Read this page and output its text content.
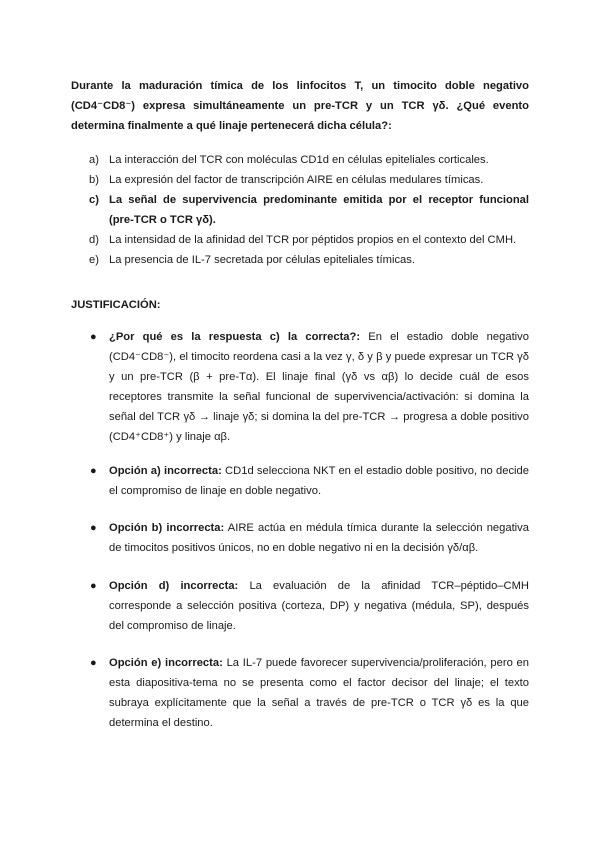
Durante la maduración tímica de los linfocitos T, un timocito doble negativo (CD4⁻CD8⁻) expresa simultáneamente un pre-TCR y un TCR γδ. ¿Qué evento determina finalmente a qué linaje pertenecerá dicha célula?:

a) La interacción del TCR con moléculas CD1d en células epiteliales corticales.
b) La expresión del factor de transcripción AIRE en células medulares tímicas.
c) La señal de supervivencia predominante emitida por el receptor funcional (pre-TCR o TCR γδ).
d) La intensidad de la afinidad del TCR por péptidos propios en el contexto del CMH.
e) La presencia de IL-7 secretada por células epiteliales tímicas.

JUSTIFICACIÓN:

● ¿Por qué es la respuesta c) la correcta?: En el estadio doble negativo (CD4⁻CD8⁻), el timocito reordena casi a la vez γ, δ y β y puede expresar un TCR γδ y un pre-TCR (β + pre-Tα). El linaje final (γδ vs αβ) lo decide cuál de esos receptores transmite la señal funcional de supervivencia/activación: si domina la señal del TCR γδ → linaje γδ; si domina la del pre-TCR → progresa a doble positivo (CD4⁺CD8⁺) y linaje αβ.

● Opción a) incorrecta: CD1d selecciona NKT en el estadio doble positivo, no decide el compromiso de linaje en doble negativo.

● Opción b) incorrecta: AIRE actúa en médula tímica durante la selección negativa de timocitos positivos únicos, no en doble negativo ni en la decisión γδ/αβ.

● Opción d) incorrecta: La evaluación de la afinidad TCR–péptido–CMH corresponde a selección positiva (corteza, DP) y negativa (médula, SP), después del compromiso de linaje.

● Opción e) incorrecta: La IL-7 puede favorecer supervivencia/proliferación, pero en esta diapositiva-tema no se presenta como el factor decisor del linaje; el texto subraya explícitamente que la señal a través de pre-TCR o TCR γδ es la que determina el destino.
